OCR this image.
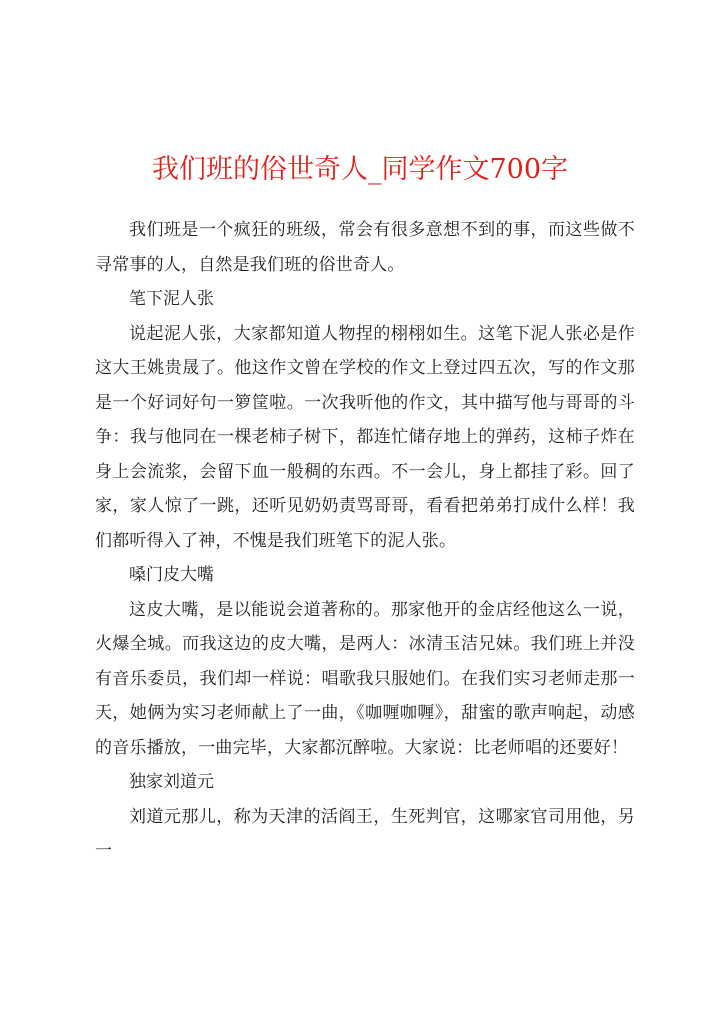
我们班的俗世奇人_同学作文700字

我们班是一个疯狂的班级，常会有很多意想不到的事，而这些做不寻常事的人，自然是我们班的俗世奇人。

笔下泥人张

说起泥人张，大家都知道人物捏的栩栩如生。这笔下泥人张必是作这大王姚贵晟了。他这作文曾在学校的作文上登过四五次，写的作文那是一个好词好句一箩筐啦。一次我听他的作文，其中描写他与哥哥的斗争：我与他同在一棵老柿子树下，都连忙储存地上的弹药，这柿子炸在身上会流浆，会留下血一般稠的东西。不一会儿，身上都挂了彩。回了家，家人惊了一跳，还听见奶奶责骂哥哥，看看把弟弟打成什么样！我们都听得入了神，不愧是我们班笔下的泥人张。

嗓门皮大嘴

这皮大嘴，是以能说会道著称的。那家他开的金店经他这么一说，火爆全城。而我这边的皮大嘴，是两人：冰清玉洁兄妹。我们班上并没有音乐委员，我们却一样说：唱歌我只服她们。在我们实习老师走那一天，她俩为实习老师献上了一曲，《咖喱咖喱》，甜蜜的歌声响起，动感的音乐播放，一曲完毕，大家都沉醉啦。大家说：比老师唱的还要好！

独家刘道元

刘道元那儿，称为天津的活阎王，生死判官，这哪家官司用他，另一
